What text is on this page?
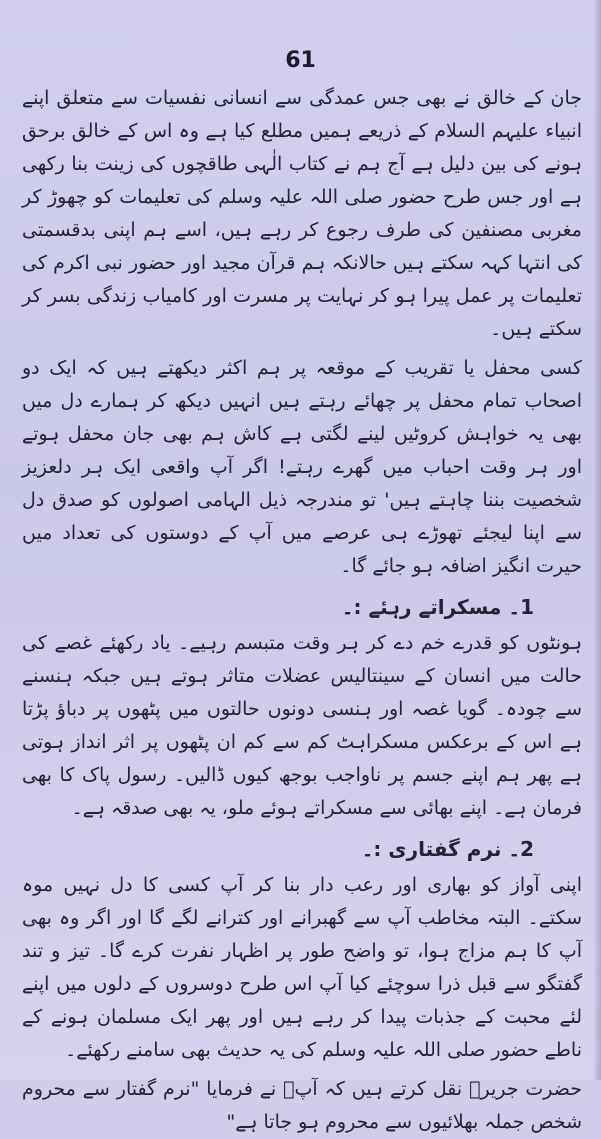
61

جان کے خالق نے بھی جس عمدگی سے انسانی نفسیات سے متعلق اپنے انبیاء علیہم السلام کے ذریعے ہمیں مطلع کیا ہے وہ اس کے خالق برحق ہونے کی بین دلیل ہے آج ہم نے کتاب الٰہی طاقچوں کی زینت بنا رکھی ہے اور جس طرح حضور صلی اللہ علیہ وسلم کی تعلیمات کو چھوڑ کر مغربی مصنفین کی طرف رجوع کر رہے ہیں، اسے ہم اپنی بدقسمتی کی انتہا کہہ سکتے ہیں حالانکہ ہم قرآن مجید اور حضور نبی اکرم کی تعلیمات پر عمل پیرا ہو کر نہایت پر مسرت اور کامیاب زندگی بسر کر سکتے ہیں۔

کسی محفل یا تقریب کے موقعہ پر ہم اکثر دیکھتے ہیں کہ ایک دو اصحاب تمام محفل پر چھائے رہتے ہیں انہیں دیکھ کر ہمارے دل میں بھی یہ خواہش کروٹیں لینے لگتی ہے کاش ہم بھی جان محفل ہوتے اور ہر وقت احباب میں گھرے رہتے! اگر آپ واقعی ایک ہر دلعزیز شخصیت بننا چاہتے ہیں' تو مندرجہ ذیل الہامی اصولوں کو صدق دل سے اپنا لیجئے تھوڑے ہی عرصے میں آپ کے دوستوں کی تعداد میں حیرت انگیز اضافہ ہو جائے گا۔

1۔ مسکراتے رہئے :۔

ہونٹوں کو قدرے خم دے کر ہر وقت متبسم رہیے۔ یاد رکھئے غصے کی حالت میں انسان کے سینتالیس عضلات متاثر ہوتے ہیں جبکہ ہنسنے سے چودہ۔ گویا غصہ اور ہنسی دونوں حالتوں میں پٹھوں پر دباؤ پڑتا ہے اس کے برعکس مسکراہٹ کم سے کم ان پٹھوں پر اثر انداز ہوتی ہے پھر ہم اپنے جسم پر ناواجب بوجھ کیوں ڈالیں۔ رسول پاک کا بھی فرمان ہے۔ اپنے بھائی سے مسکراتے ہوئے ملو، یہ بھی صدقہ ہے۔

2۔ نرم گفتاری :۔

اپنی آواز کو بھاری اور رعب دار بنا کر آپ کسی کا دل نہیں موہ سکتے۔ البتہ مخاطب آپ سے گھبرانے اور کترانے لگے گا اور اگر وہ بھی آپ کا ہم مزاج ہوا، تو واضح طور پر اظہار نفرت کرے گا۔ تیز و تند گفتگو سے قبل ذرا سوچئے کیا آپ اس طرح دوسروں کے دلوں میں اپنے لئے محبت کے جذبات پیدا کر رہے ہیں اور پھر ایک مسلمان ہونے کے ناطے حضور صلی اللہ علیہ وسلم کی یہ حدیث بھی سامنے رکھئے۔

حضرت جریرؓ نقل کرتے ہیں کہ آپؐ نے فرمایا "نرم گفتار سے محروم شخص جملہ بھلائیوں سے محروم ہو جاتا ہے"
